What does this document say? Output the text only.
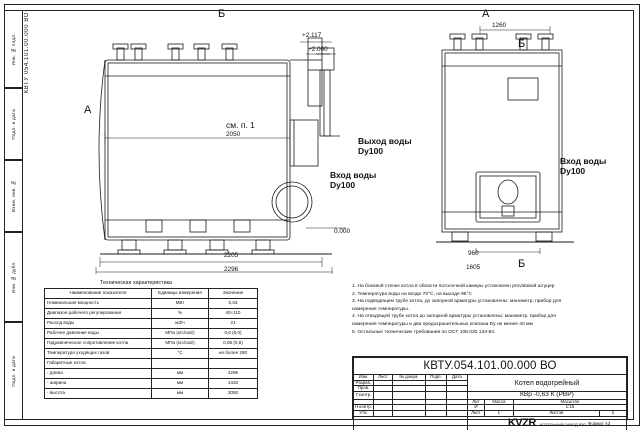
Инв. № подл.
Подп. и дата
Взам. инв. №
Инв. № дубл.
Подп. и дата
КВТУ 054.101.00.000 ВО	Б	А
Б
А
Б
см. п. 1
Выход воды
Dy100
Вход воды
Dy100
Вход воды
Dy100
+2.117
+2.000
0.000
2050
2205
2296
1260
960
1605
Техническая характеристика
Наименование показателя	Единицы измерения	Значение
Номинальная мощность	МВт	0,63
Диапазон рабочего регулирования	%	40÷110
Расход воды	м3/ч	21
Рабочее давление воды	МПа (кгс/см2)	0,6 (6,0)
Гидравлическое сопротивление котла	МПа (кгс/см2)	0,06 (0,6)
Температура уходящих газов	°С	не более 280
Габаритные котла		
- длина	мм	2296
- ширина	мм	1432
- высота	мм	2050
1. На боковой стенке котла в области потолочной камеры установлен providовой штуцер
2. Температура воды на входе 70°С, на выходе 95°С
3. На подводящем трубе котла, до запорной арматуры установлены: манометр, прибор для
измерения температуры.
4. На отводящей трубе котла до запорной арматуры установлены: манометр, прибор для
измерения температуры и два предохранительных клапана Dу не менее 40 мм
5. Остальные технические требования по ОСТ 108.030.133-84.
КВТУ.054.101.00.000 ВО								
Изм.	Лист	№ докум.	Подп.	Дата	Котел водогрейный			
Разраб.								
Пров.								
Т.контр.					КВр -0,63 К (РВР)			
					Лит	Масса	Масштаб	
Н.контр.					И		1:15	
Утв.					Лист	1	Листов	2
					KVZR КОТЕЛЬНЫЙ ЗАВОД РЗП			Формат A3
